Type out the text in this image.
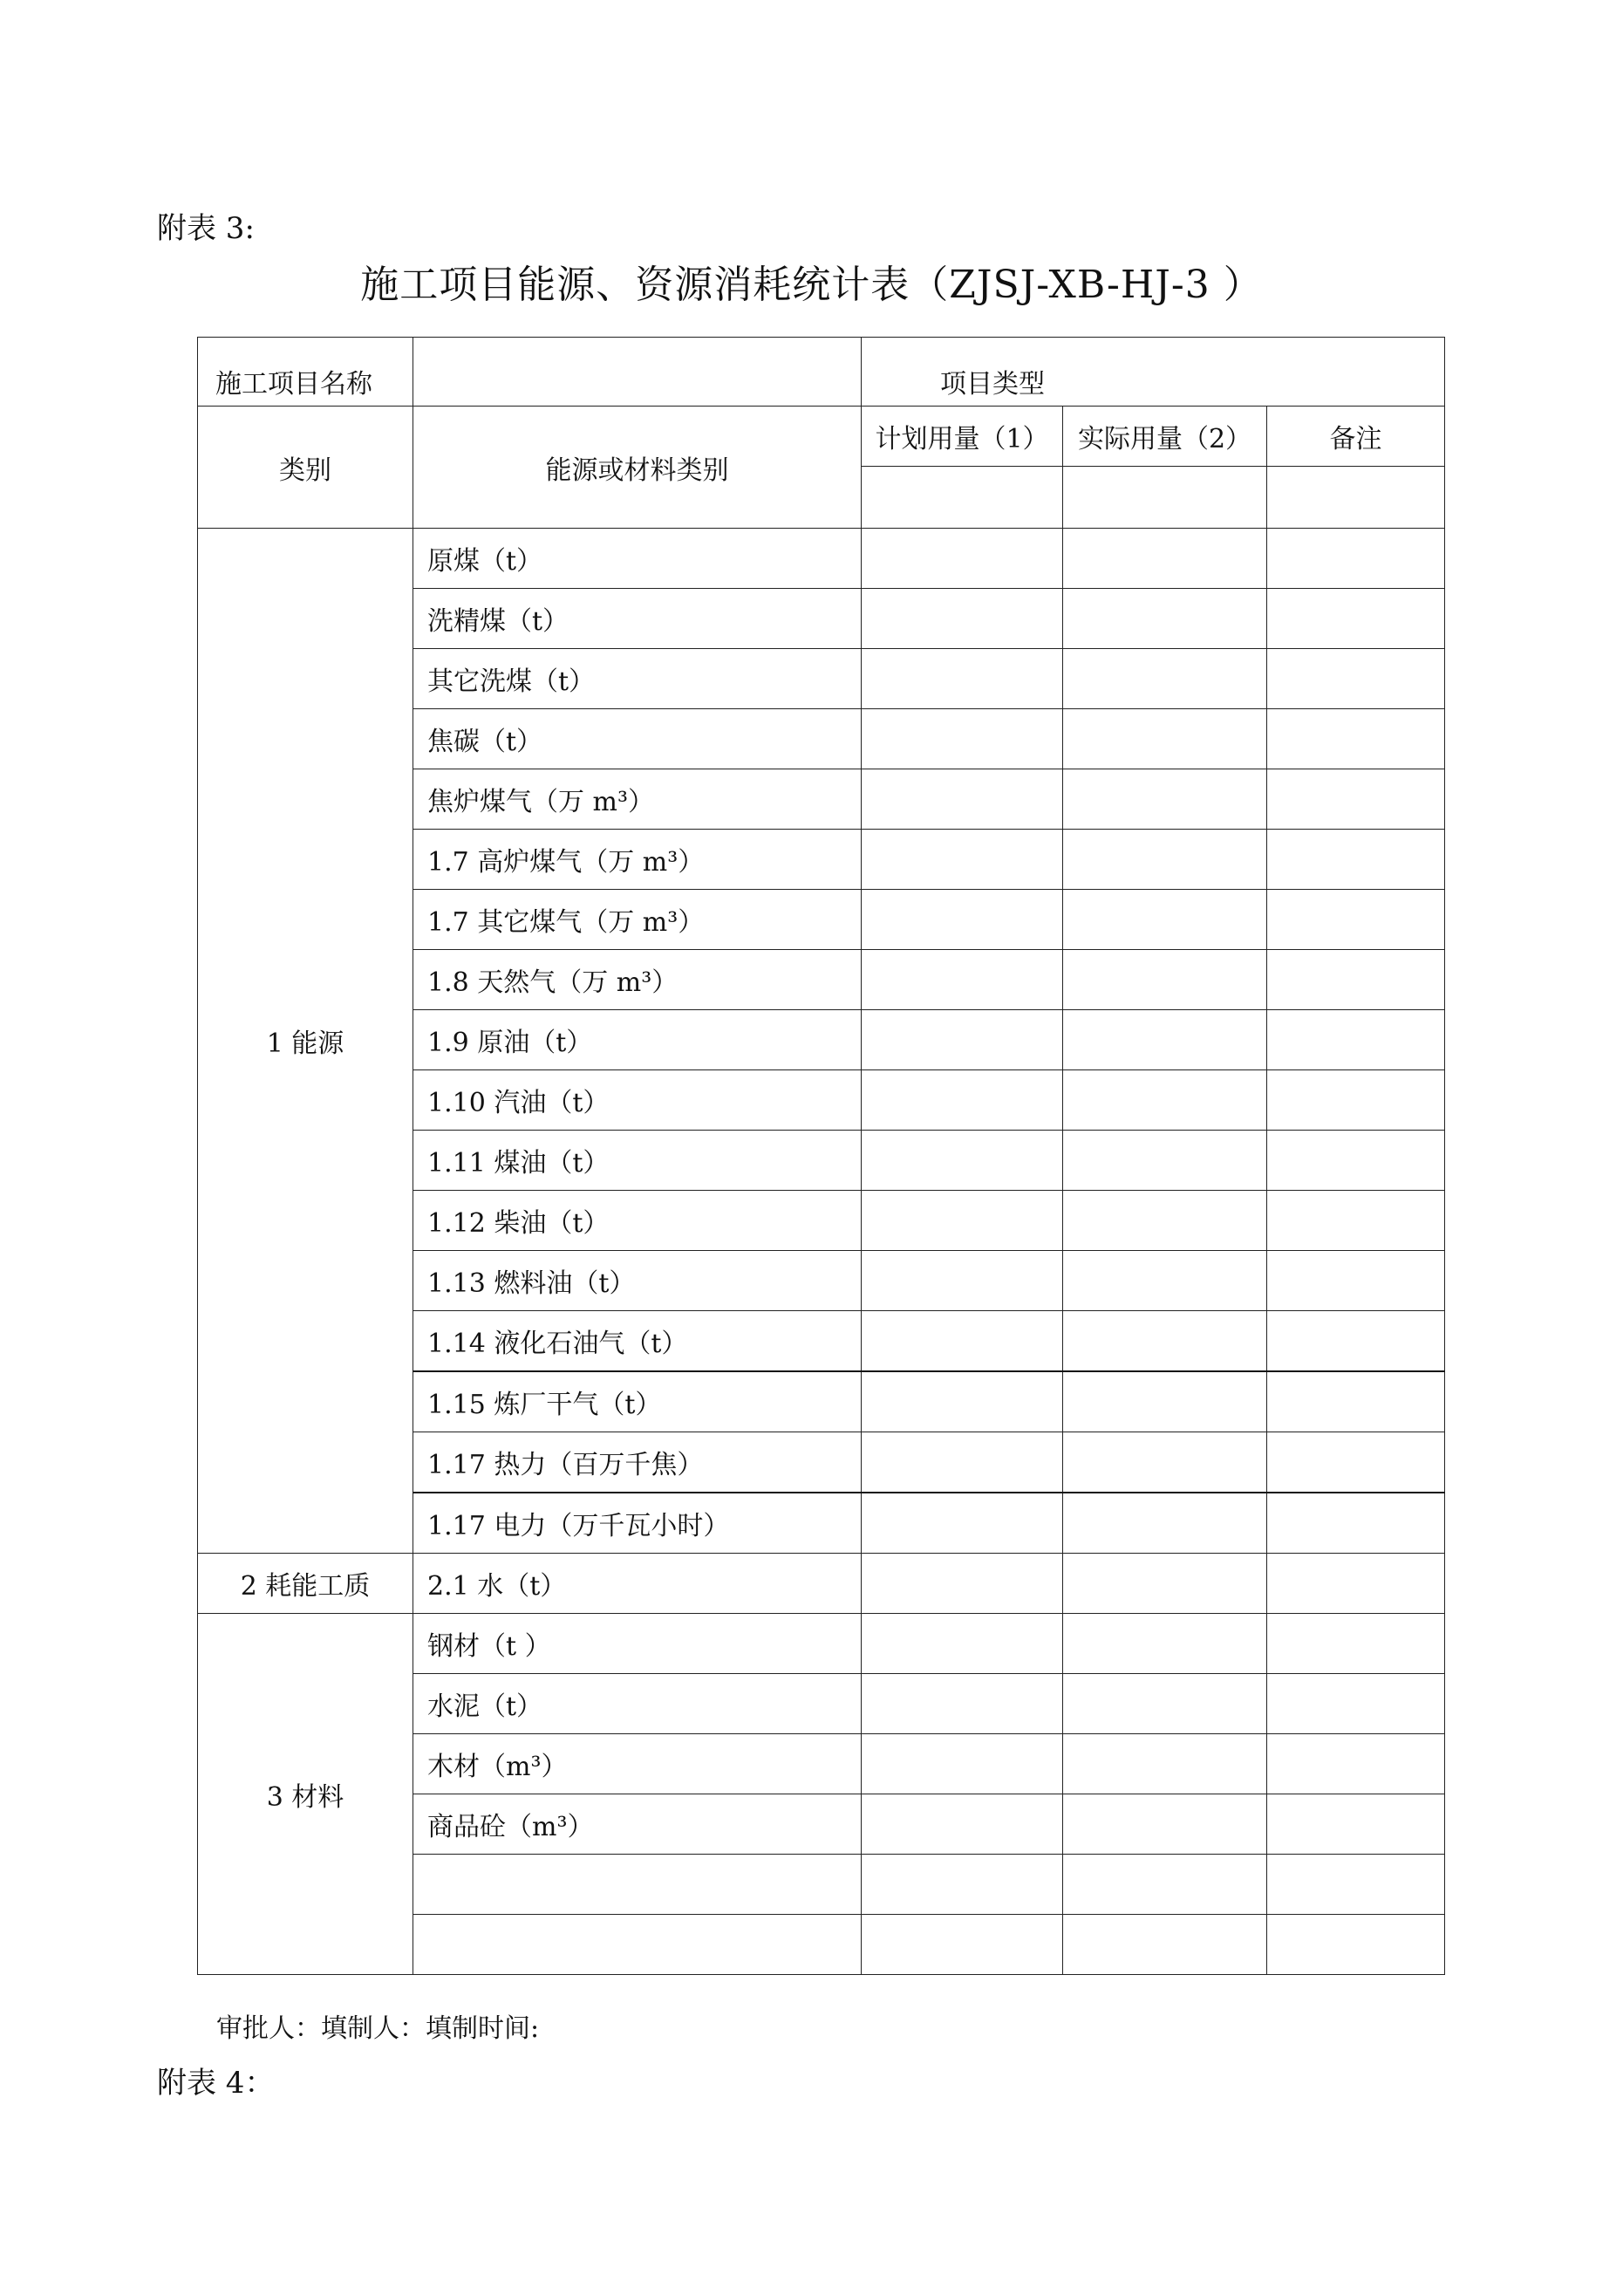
附表 3:
施工项目能源、资源消耗统计表（ZJSJ-XB-HJ-3 ）
施工项目名称		项目类型		
类别	能源或材料类别	计划用量（1）	实际用量（2）	备注

1 能源	原煤（t）			
	洗精煤（t）			
	其它洗煤（t）			
	焦碳（t）			
	焦炉煤气（万 m³）			
	1.7 高炉煤气（万 m³）			
	1.7 其它煤气（万 m³）			
	1.8 天然气（万 m³）			
	1.9 原油（t）			
	1.10 汽油（t）			
	1.11 煤油（t）			
	1.12 柴油（t）			
	1.13 燃料油（t）			
	1.14 液化石油气（t）			
	1.15 炼厂干气（t）			
	1.17 热力（百万千焦）			
	1.17 电力（万千瓦小时）			
2 耗能工质	2.1 水（t）			
3 材料	钢材（t ）			
	水泥（t）			
	木材（m³）			
	商品砼（m³）			

审批人：填制人：填制时间:
附表 4：
